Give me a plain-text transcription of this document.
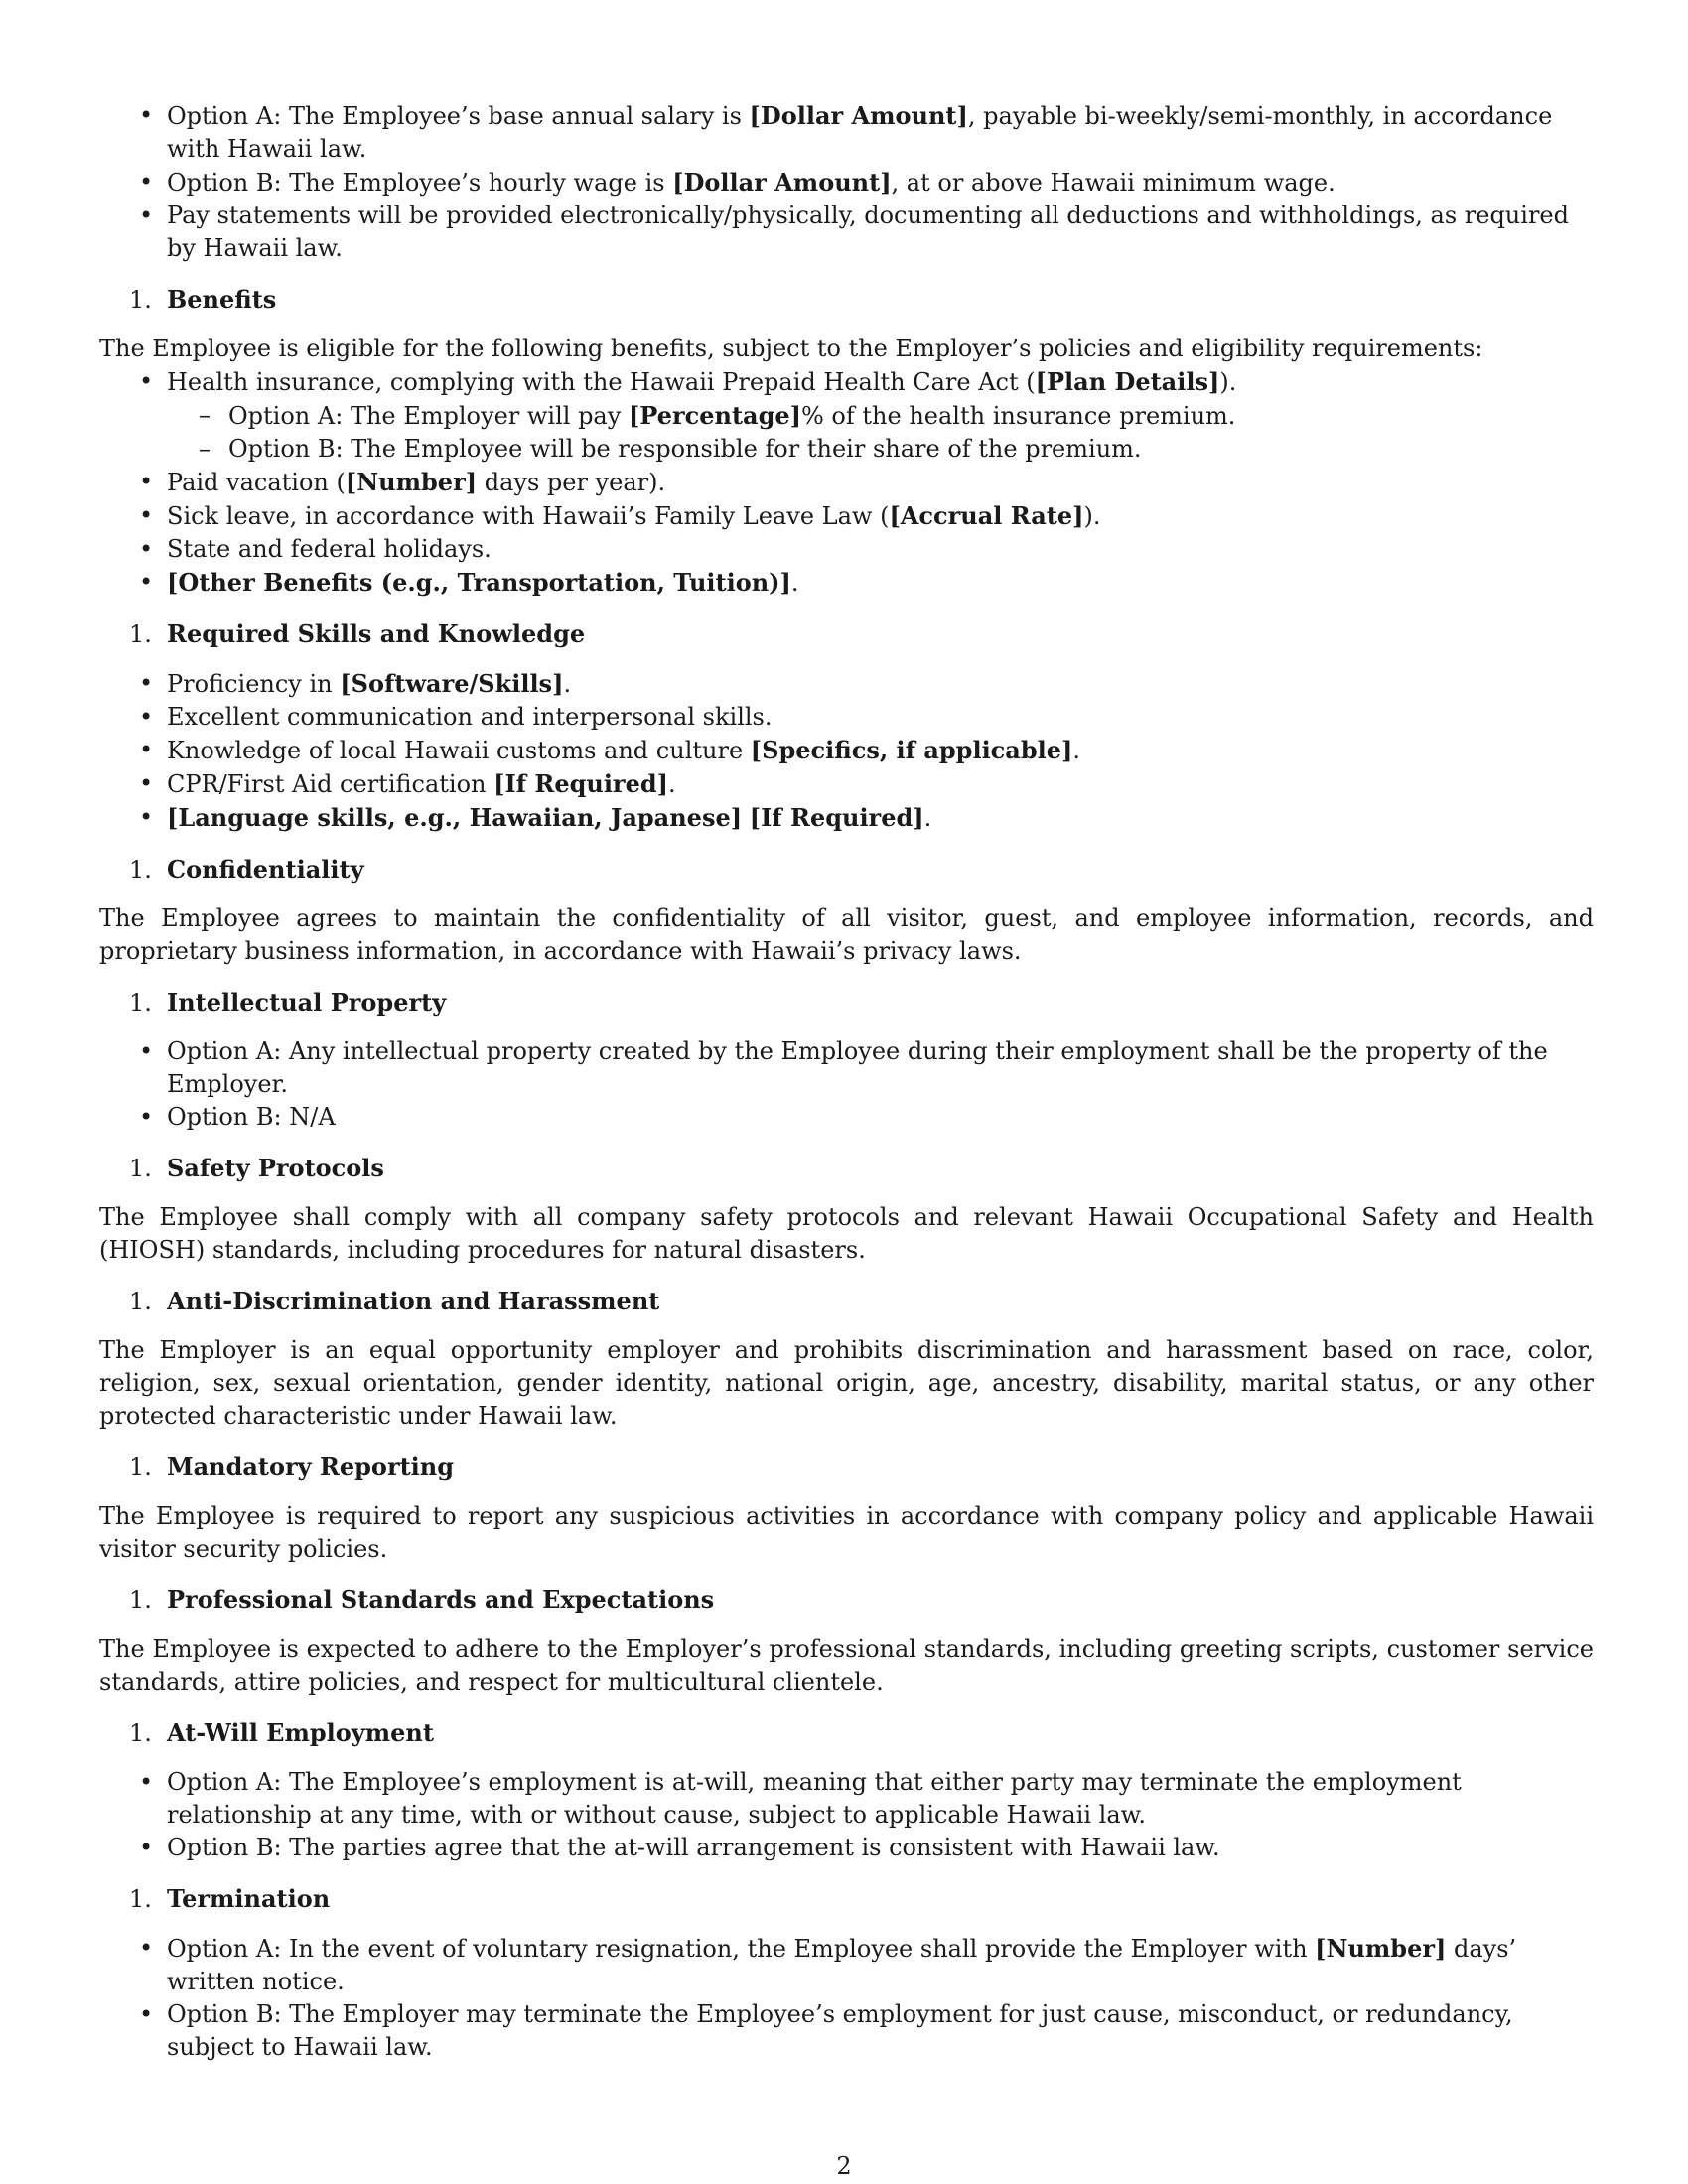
• Option A: The Employee’s base annual salary is [Dollar Amount], payable bi-weekly/semi-monthly, in accordance with Hawaii law.
• Option B: The Employee’s hourly wage is [Dollar Amount], at or above Hawaii minimum wage.
• Pay statements will be provided electronically/physically, documenting all deductions and withholdings, as required by Hawaii law.
1. Benefits

The Employee is eligible for the following benefits, subject to the Employer’s policies and eligibility requirements:

• Health insurance, complying with the Hawaii Prepaid Health Care Act ([Plan Details]).
– Option A: The Employer will pay [Percentage]% of the health insurance premium.
– Option B: The Employee will be responsible for their share of the premium.
• Paid vacation ([Number] days per year).
• Sick leave, in accordance with Hawaii’s Family Leave Law ([Accrual Rate]).
• State and federal holidays.
• [Other Benefits (e.g., Transportation, Tuition)].
1. Required Skills and Knowledge
• Proficiency in [Software/Skills].
• Excellent communication and interpersonal skills.
• Knowledge of local Hawaii customs and culture [Specifics, if applicable].
• CPR/First Aid certification [If Required].
• [Language skills, e.g., Hawaiian, Japanese] [If Required].
1. Confidentiality

The Employee agrees to maintain the confidentiality of all visitor, guest, and employee information, records, and proprietary business information, in accordance with Hawaii’s privacy laws.

1. Intellectual Property
• Option A: Any intellectual property created by the Employee during their employment shall be the property of the Employer.
• Option B: N/A
1. Safety Protocols

The Employee shall comply with all company safety protocols and relevant Hawaii Occupational Safety and Health (HIOSH) standards, including procedures for natural disasters.

1. Anti-Discrimination and Harassment

The Employer is an equal opportunity employer and prohibits discrimination and harassment based on race, color, religion, sex, sexual orientation, gender identity, national origin, age, ancestry, disability, marital status, or any other protected characteristic under Hawaii law.

1. Mandatory Reporting

The Employee is required to report any suspicious activities in accordance with company policy and applicable Hawaii visitor security policies.

1. Professional Standards and Expectations

The Employee is expected to adhere to the Employer’s professional standards, including greeting scripts, customer service standards, attire policies, and respect for multicultural clientele.

1. At-Will Employment
• Option A: The Employee’s employment is at-will, meaning that either party may terminate the employment relationship at any time, with or without cause, subject to applicable Hawaii law.
• Option B: The parties agree that the at-will arrangement is consistent with Hawaii law.
1. Termination
• Option A: In the event of voluntary resignation, the Employee shall provide the Employer with [Number] days’ written notice.
• Option B: The Employer may terminate the Employee’s employment for just cause, misconduct, or redundancy, subject to Hawaii law.
2
